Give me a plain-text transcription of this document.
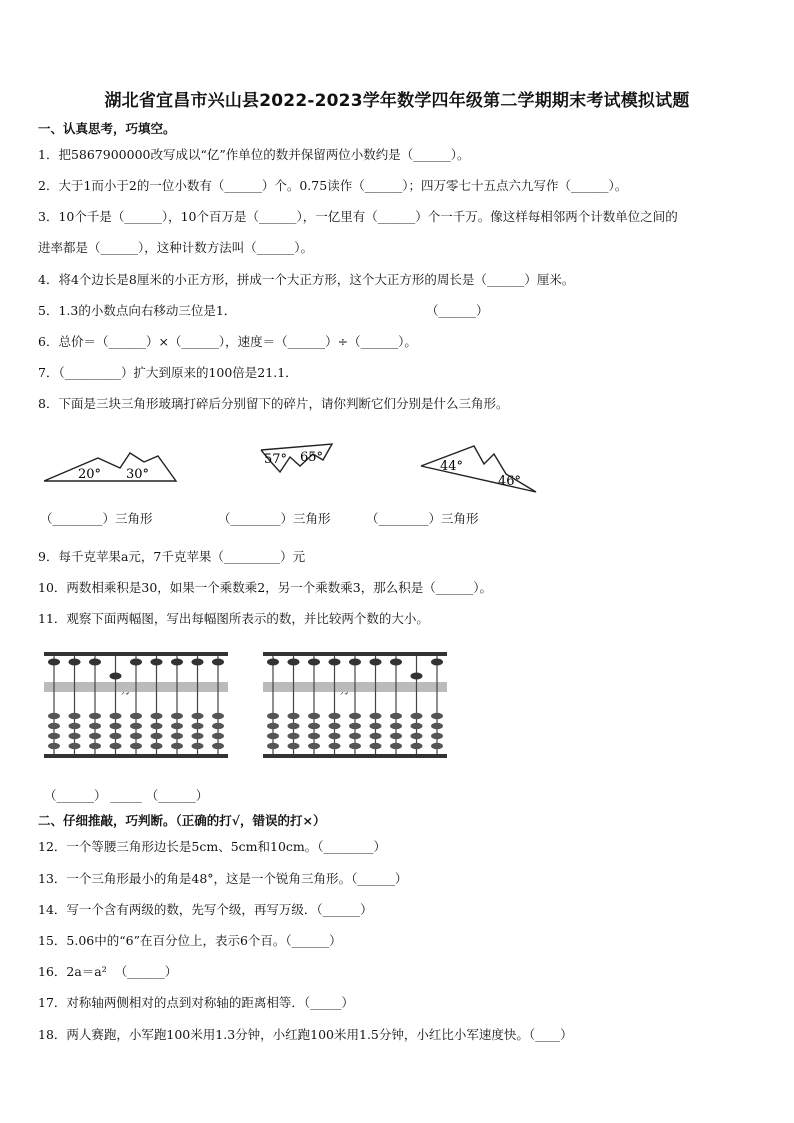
湖北省宜昌市兴山县2022-2023学年数学四年级第二学期期末考试模拟试题
一、认真思考，巧填空。
1．把5867900000改写成以“亿”作单位的数并保留两位小数约是（______）。
2．大于1而小于2的一位小数有（______）个。0.75读作（______）；四万零七十五点六九写作（______）。
3．10个千是（______），10个百万是（______），一亿里有（______）个一千万。像这样每相邻两个计数单位之间的
进率都是（______），这种计数方法叫（______）。
4．将4个边长是8厘米的小正方形，拼成一个大正方形，这个大正方形的周长是（______）厘米。
5．1.3的小数点向右移动三位是1．	（______）
6．总价＝（______）×（______），速度＝（______）÷（______）。
7．（_________）扩大到原来的100倍是21.1．
8．下面是三块三角形玻璃打碎后分别留下的碎片，请你判断它们分别是什么三角形。
20° 30°
57° 65°
44°
46°
（________）三角形	（________）三角形	（________）三角形
9．每千克苹果a元，7千克苹果（_________）元
10．两数相乘积是30，如果一个乘数乘2，另一个乘数乘3，那么积是（______）。
11．观察下面两幅图，写出每幅图所表示的数，并比较两个数的大小。
（______） _____ （______）
二、仔细推敲，巧判断。（正确的打√，错误的打×）
12．一个等腰三角形边长是5cm、5cm和10cm。（________）
13．一个三角形最小的角是48°，这是一个锐角三角形。（______）
14．写一个含有两级的数，先写个级，再写万级．（______）
15．5.06中的“6”在百分位上，表示6个百。（______）
16．2a＝a²  （______）
17．对称轴两侧相对的点到对称轴的距离相等．（_____）
18．两人赛跑，小军跑100米用1.3分钟，小红跑100米用1.5分钟，小红比小军速度快。（____）
